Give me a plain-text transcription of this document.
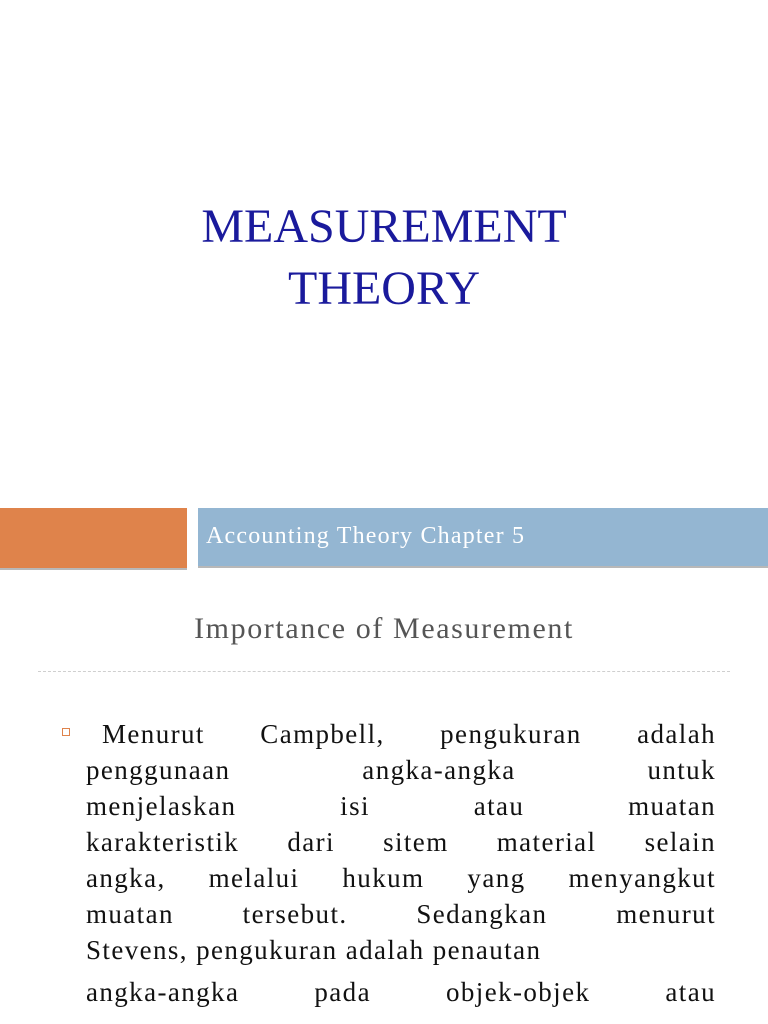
MEASUREMENT
THEORY
Accounting Theory Chapter 5
Importance of Measurement

Menurut Campbell, pengukuran adalah
penggunaan angka-angka untuk
menjelaskan isi atau muatan
karakteristik dari sitem material selain
angka, melalui hukum yang menyangkut
muatan tersebut. Sedangkan menurut
Stevens, pengukuran adalah penautan
angka-angka pada objek-objek atau
